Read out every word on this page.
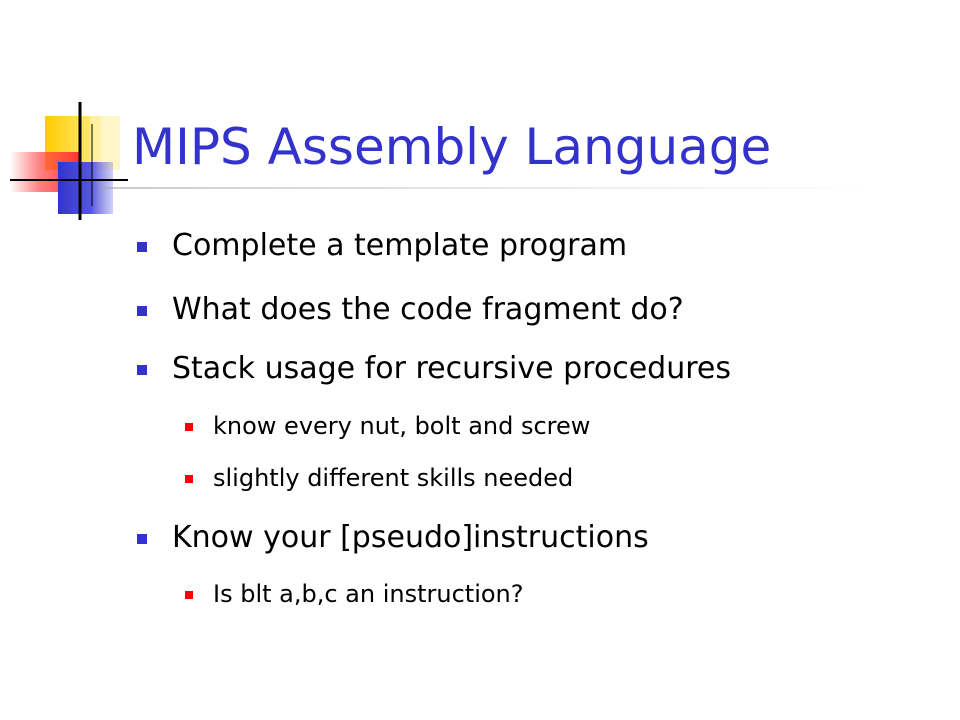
MIPS Assembly Language
Complete a template program
What does the code fragment do?
Stack usage for recursive procedures
know every nut, bolt and screw
slightly different skills needed
Know your [pseudo]instructions
Is blt a,b,c an instruction?
